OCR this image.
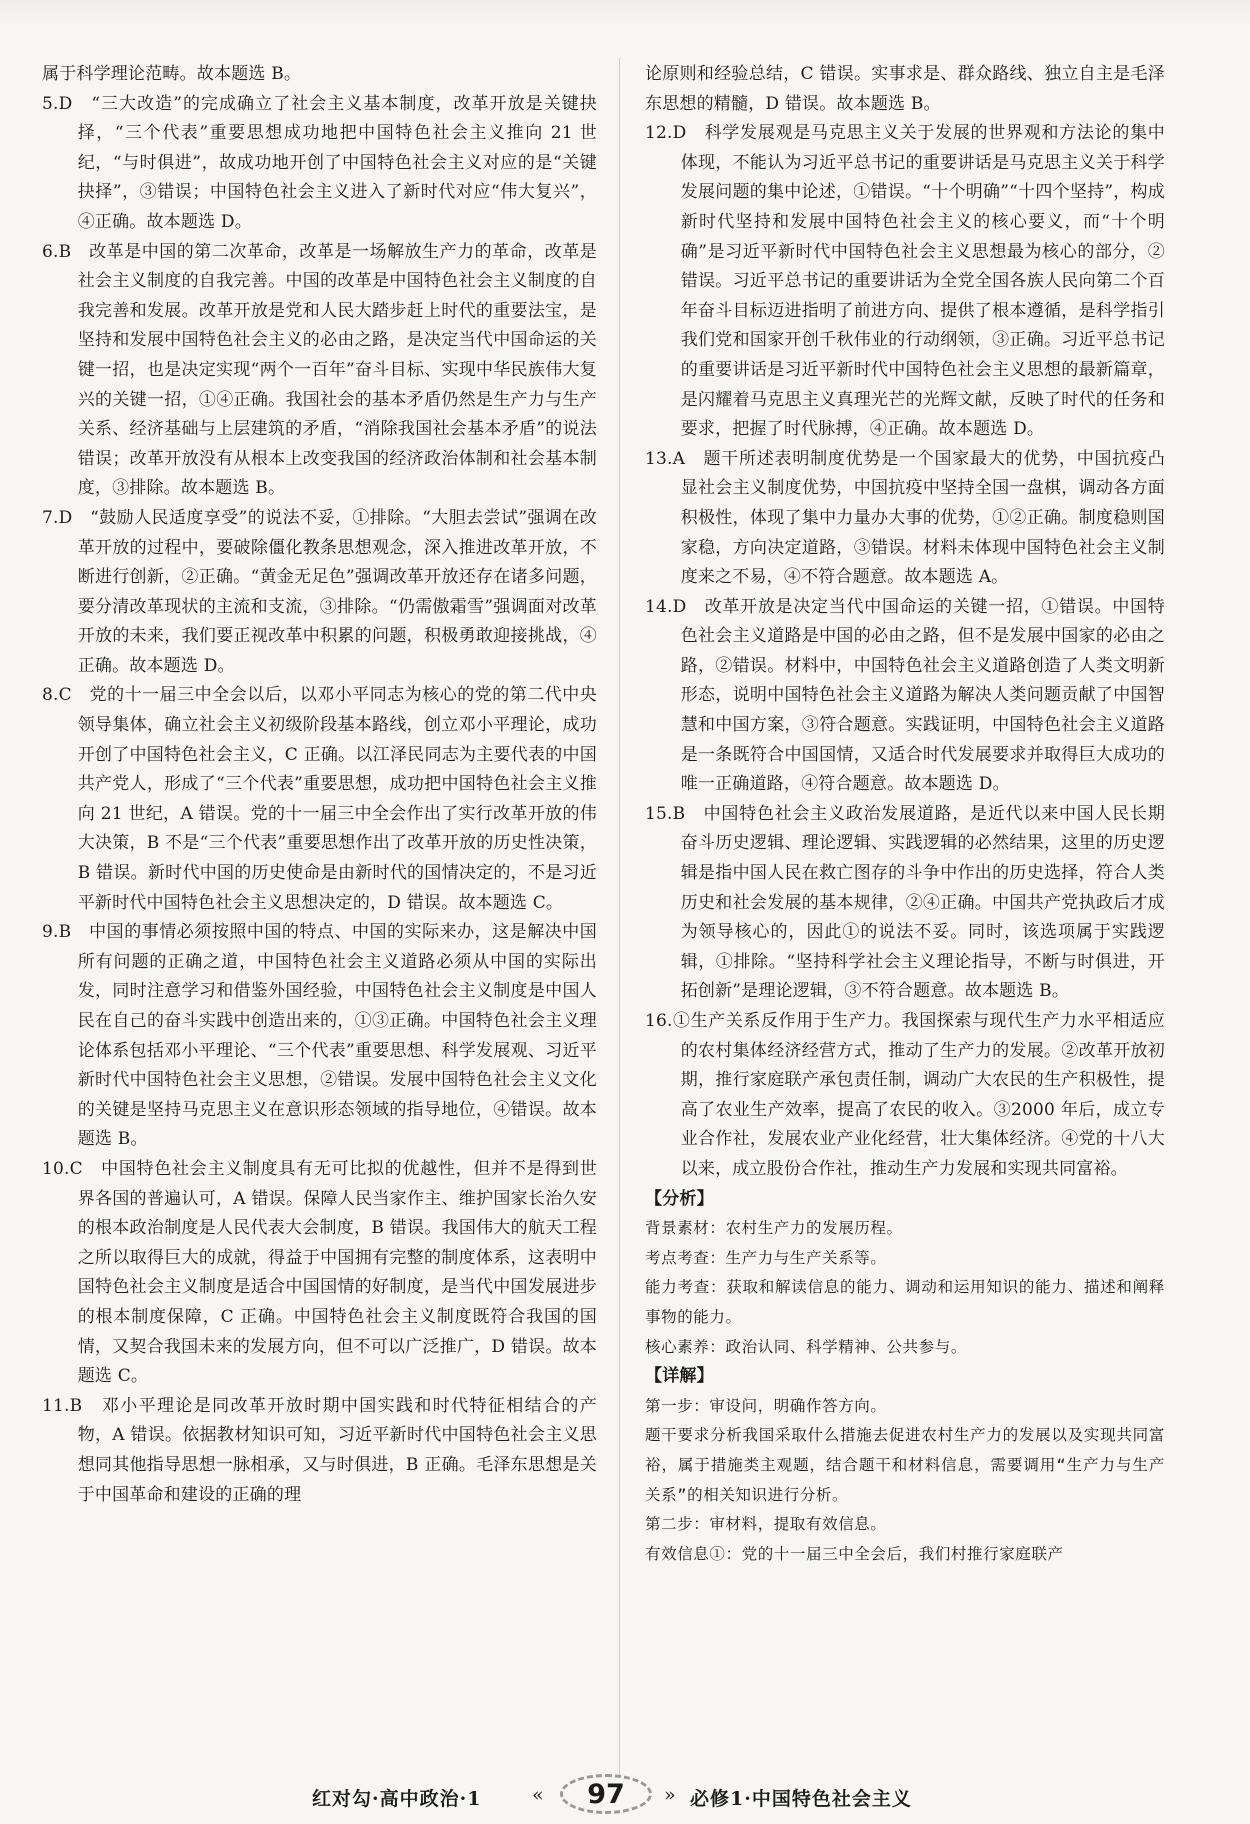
属于科学理论范畴。故本题选 B。

5.D　“三大改造”的完成确立了社会主义基本制度，改革开放是关键抉择，“三个代表”重要思想成功地把中国特色社会主义推向 21 世纪，“与时俱进”，故成功地开创了中国特色社会主义对应的是“关键抉择”，③错误；中国特色社会主义进入了新时代对应“伟大复兴”，④正确。故本题选 D。

6.B　改革是中国的第二次革命，改革是一场解放生产力的革命，改革是社会主义制度的自我完善。中国的改革是中国特色社会主义制度的自我完善和发展。改革开放是党和人民大踏步赶上时代的重要法宝，是坚持和发展中国特色社会主义的必由之路，是决定当代中国命运的关键一招，也是决定实现“两个一百年”奋斗目标、实现中华民族伟大复兴的关键一招，①④正确。我国社会的基本矛盾仍然是生产力与生产关系、经济基础与上层建筑的矛盾，“消除我国社会基本矛盾”的说法错误；改革开放没有从根本上改变我国的经济政治体制和社会基本制度，③排除。故本题选 B。

7.D　“鼓励人民适度享受”的说法不妥，①排除。“大胆去尝试”强调在改革开放的过程中，要破除僵化教条思想观念，深入推进改革开放，不断进行创新，②正确。“黄金无足色”强调改革开放还存在诸多问题，要分清改革现状的主流和支流，③排除。“仍需傲霜雪”强调面对改革开放的未来，我们要正视改革中积累的问题，积极勇敢迎接挑战，④正确。故本题选 D。

8.C　党的十一届三中全会以后，以邓小平同志为核心的党的第二代中央领导集体，确立社会主义初级阶段基本路线，创立邓小平理论，成功开创了中国特色社会主义，C 正确。以江泽民同志为主要代表的中国共产党人，形成了“三个代表”重要思想，成功把中国特色社会主义推向 21 世纪，A 错误。党的十一届三中全会作出了实行改革开放的伟大决策，B 不是“三个代表”重要思想作出了改革开放的历史性决策，B 错误。新时代中国的历史使命是由新时代的国情决定的，不是习近平新时代中国特色社会主义思想决定的，D 错误。故本题选 C。

9.B　中国的事情必须按照中国的特点、中国的实际来办，这是解决中国所有问题的正确之道，中国特色社会主义道路必须从中国的实际出发，同时注意学习和借鉴外国经验，中国特色社会主义制度是中国人民在自己的奋斗实践中创造出来的，①③正确。中国特色社会主义理论体系包括邓小平理论、“三个代表”重要思想、科学发展观、习近平新时代中国特色社会主义思想，②错误。发展中国特色社会主义文化的关键是坚持马克思主义在意识形态领域的指导地位，④错误。故本题选 B。

10.C　中国特色社会主义制度具有无可比拟的优越性，但并不是得到世界各国的普遍认可，A 错误。保障人民当家作主、维护国家长治久安的根本政治制度是人民代表大会制度，B 错误。我国伟大的航天工程之所以取得巨大的成就，得益于中国拥有完整的制度体系，这表明中国特色社会主义制度是适合中国国情的好制度，是当代中国发展进步的根本制度保障，C 正确。中国特色社会主义制度既符合我国的国情，又契合我国未来的发展方向，但不可以广泛推广，D 错误。故本题选 C。

11.B　邓小平理论是同改革开放时期中国实践和时代特征相结合的产物，A 错误。依据教材知识可知，习近平新时代中国特色社会主义思想同其他指导思想一脉相承，又与时俱进，B 正确。毛泽东思想是关于中国革命和建设的正确的理

论原则和经验总结，C 错误。实事求是、群众路线、独立自主是毛泽东思想的精髓，D 错误。故本题选 B。

12.D　科学发展观是马克思主义关于发展的世界观和方法论的集中体现，不能认为习近平总书记的重要讲话是马克思主义关于科学发展问题的集中论述，①错误。“十个明确”“十四个坚持”，构成新时代坚持和发展中国特色社会主义的核心要义，而“十个明确”是习近平新时代中国特色社会主义思想最为核心的部分，②错误。习近平总书记的重要讲话为全党全国各族人民向第二个百年奋斗目标迈进指明了前进方向、提供了根本遵循，是科学指引我们党和国家开创千秋伟业的行动纲领，③正确。习近平总书记的重要讲话是习近平新时代中国特色社会主义思想的最新篇章，是闪耀着马克思主义真理光芒的光辉文献，反映了时代的任务和要求，把握了时代脉搏，④正确。故本题选 D。

13.A　题干所述表明制度优势是一个国家最大的优势，中国抗疫凸显社会主义制度优势，中国抗疫中坚持全国一盘棋，调动各方面积极性，体现了集中力量办大事的优势，①②正确。制度稳则国家稳，方向决定道路，③错误。材料未体现中国特色社会主义制度来之不易，④不符合题意。故本题选 A。

14.D　改革开放是决定当代中国命运的关键一招，①错误。中国特色社会主义道路是中国的必由之路，但不是发展中国家的必由之路，②错误。材料中，中国特色社会主义道路创造了人类文明新形态，说明中国特色社会主义道路为解决人类问题贡献了中国智慧和中国方案，③符合题意。实践证明，中国特色社会主义道路是一条既符合中国国情，又适合时代发展要求并取得巨大成功的唯一正确道路，④符合题意。故本题选 D。

15.B　中国特色社会主义政治发展道路，是近代以来中国人民长期奋斗历史逻辑、理论逻辑、实践逻辑的必然结果，这里的历史逻辑是指中国人民在救亡图存的斗争中作出的历史选择，符合人类历史和社会发展的基本规律，②④正确。中国共产党执政后才成为领导核心的，因此①的说法不妥。同时，该选项属于实践逻辑，①排除。“坚持科学社会主义理论指导，不断与时俱进，开拓创新”是理论逻辑，③不符合题意。故本题选 B。

16.①生产关系反作用于生产力。我国探索与现代生产力水平相适应的农村集体经济经营方式，推动了生产力的发展。②改革开放初期，推行家庭联产承包责任制，调动广大农民的生产积极性，提高了农业生产效率，提高了农民的收入。③2000 年后，成立专业合作社，发展农业产业化经营，壮大集体经济。④党的十八大以来，成立股份合作社，推动生产力发展和实现共同富裕。

【分析】

背景素材：农村生产力的发展历程。

考点考查：生产力与生产关系等。

能力考查：获取和解读信息的能力、调动和运用知识的能力、描述和阐释事物的能力。

核心素养：政治认同、科学精神、公共参与。

【详解】

第一步：审设问，明确作答方向。

题干要求分析我国采取什么措施去促进农村生产力的发展以及实现共同富裕，属于措施类主观题，结合题干和材料信息，需要调用“生产力与生产关系”的相关知识进行分析。

第二步：审材料，提取有效信息。

有效信息①：党的十一届三中全会后，我们村推行家庭联产

红对勾·高中政治·1	«	97	» 必修1·中国特色社会主义
